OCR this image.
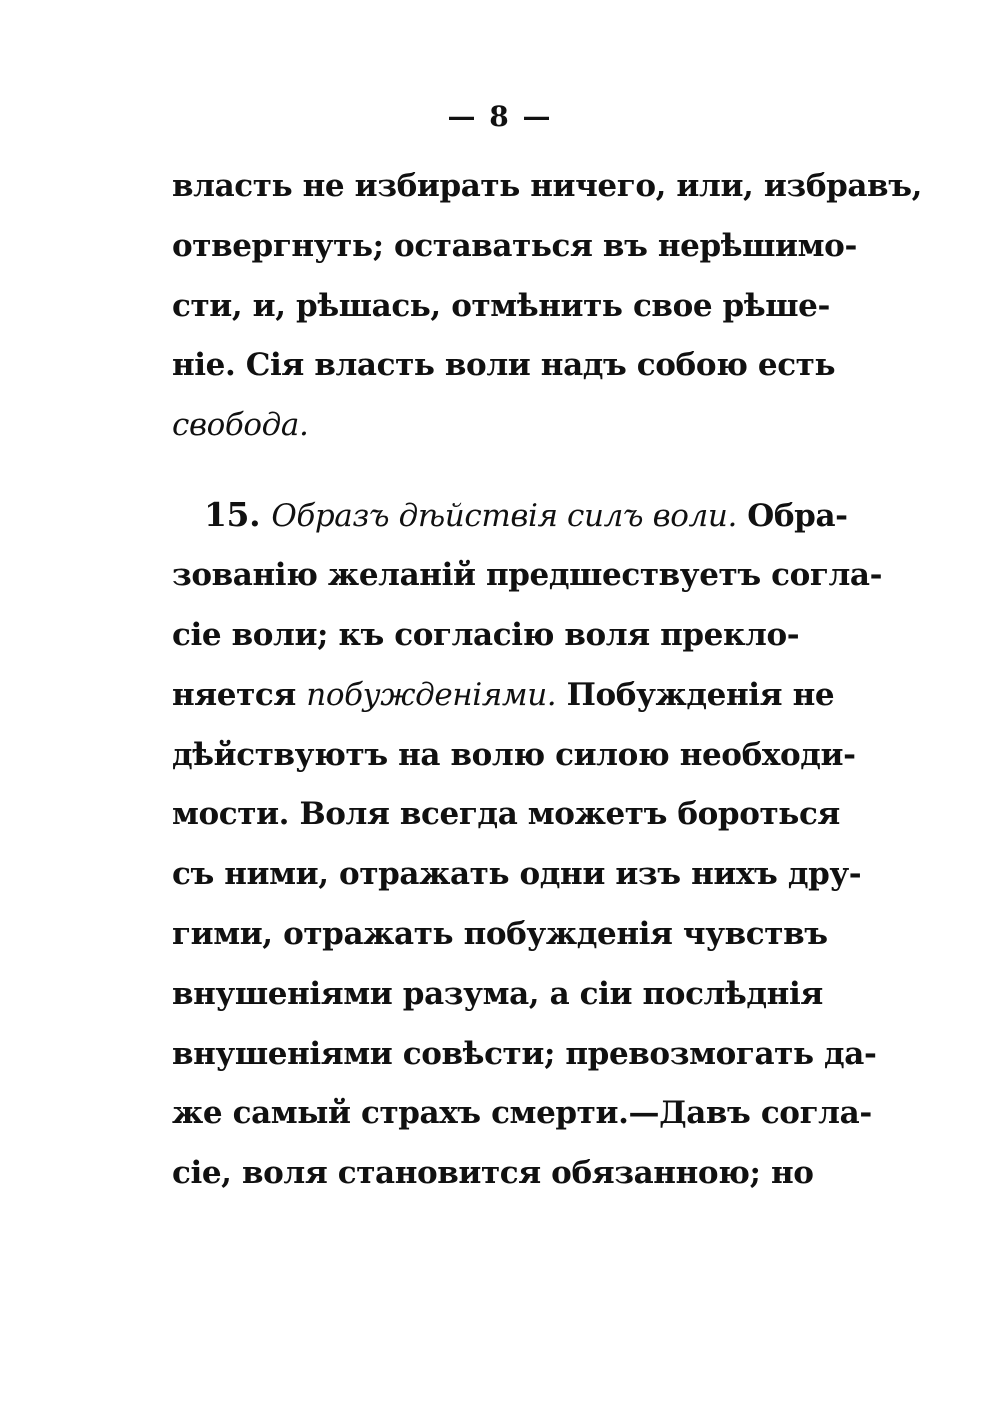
— 8 —
власть не избирать ничего, или, избравъ,
отвергнуть; оставаться въ нерѣшимо-
сти, и, рѣшась, отмѣнить свое рѣше-
ніе. Сія власть воли надъ собою есть
свобода.
15. Образъ дѣйствія силъ воли. Обра-
зованію желаній предшествуетъ согла-
сіе воли; къ согласію воля прекло-
няется побужденіями. Побужденія не
дѣйствуютъ на волю силою необходи-
мости. Воля всегда можетъ бороться
съ ними, отражать одни изъ нихъ дру-
гими, отражать побужденія чувствъ
внушеніями разума, а сіи послѣднія
внушеніями совѣсти; превозмогать да-
же самый страхъ смерти.—Давъ согла-
сіе, воля становится обязанною; но
